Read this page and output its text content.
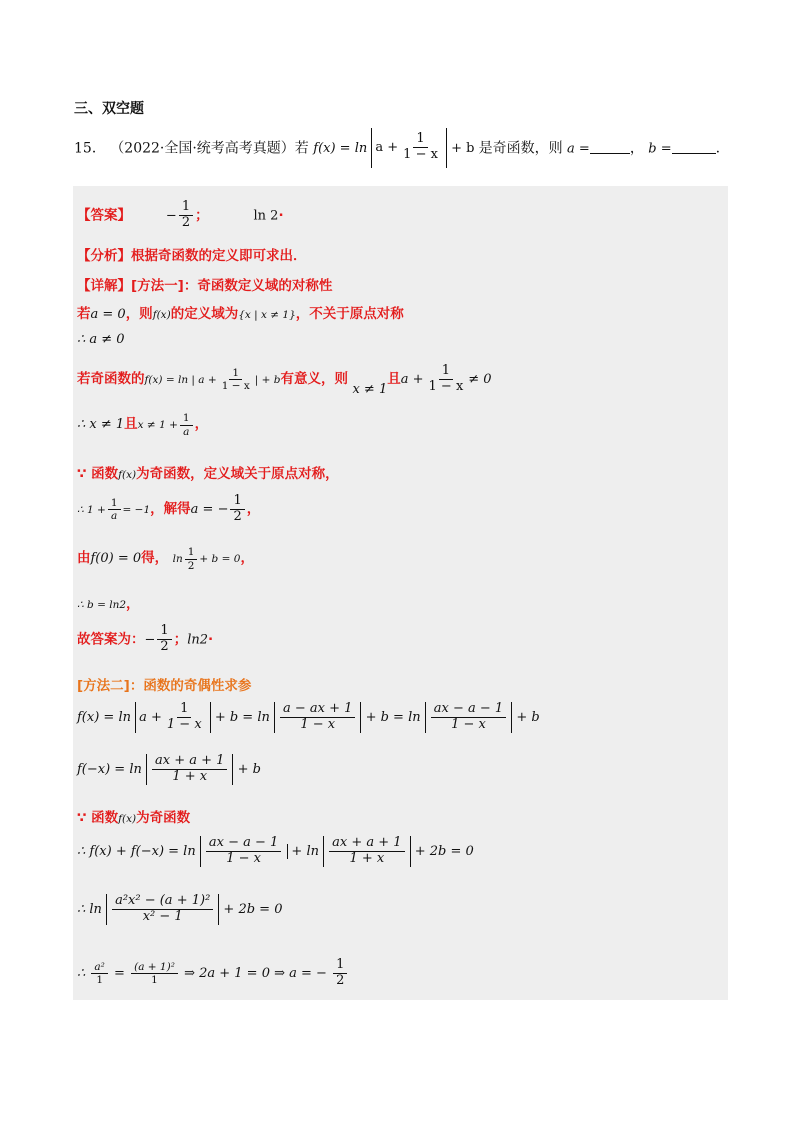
三、双空题
15． （2022·全国·统考高考真题）若 $f(x) = \ln a + \frac{1}{1 - x} + b$ 是奇函数，则 a =	， b =	.
【答案】	− $\frac{1}{2}$ ；	ln 2·
【分析】根据奇函数的定义即可求出．
【详解】[方法一]：奇函数定义域的对称性
若a = 0，则f(x)的定义域为{x | x ≠ 1}，不关于原点对称
∴ a ≠ 0
若奇函数的f(x) = ln | $a + \frac{1}{1 - x}$ | + b有意义，则 x ≠ 1且$a + \frac{1}{1 - x} \ne 0$
∴ x ≠ 1且$x \ne 1 + \frac{1}{a}$ ，
∵ 函数f(x)为奇函数，定义域关于原点对称，
∴ $1 + \frac{1}{a} = -1$，解得a = − $\frac{1}{2}$ ，
由f(0) = 0得， $\ln \frac{1}{2} + b = 0$，
∴ b = ln2，
故答案为：− $\frac{1}{2}$ ；ln2·
[方法二]：函数的奇偶性求参
$f(x) = \ln a + \frac{1}{1 - x} + b = \ln \frac{a - ax + 1}{1 - x} + b = \ln \frac{ax - a - 1}{1 - x} + b$
$f(-x) = \ln \frac{ax + a + 1}{1 + x} + b$
∵ 函数f(x)为奇函数
∴ $f(x) + f(-x) = \ln \frac{ax - a - 1}{1 - x} + \ln \frac{ax + a + 1}{1 + x} + 2b = 0$
∴ $\ln \frac{\text{a²x² − (a + 1)²}}{\text{x² − 1}} + 2b = 0$
∴ $\frac{\text{a²}}{1} = \frac{\text{(a + 1)²}}{1}$ ⇒ 2a + 1 = 0 ⇒ a = − $\frac{1}{2}$
